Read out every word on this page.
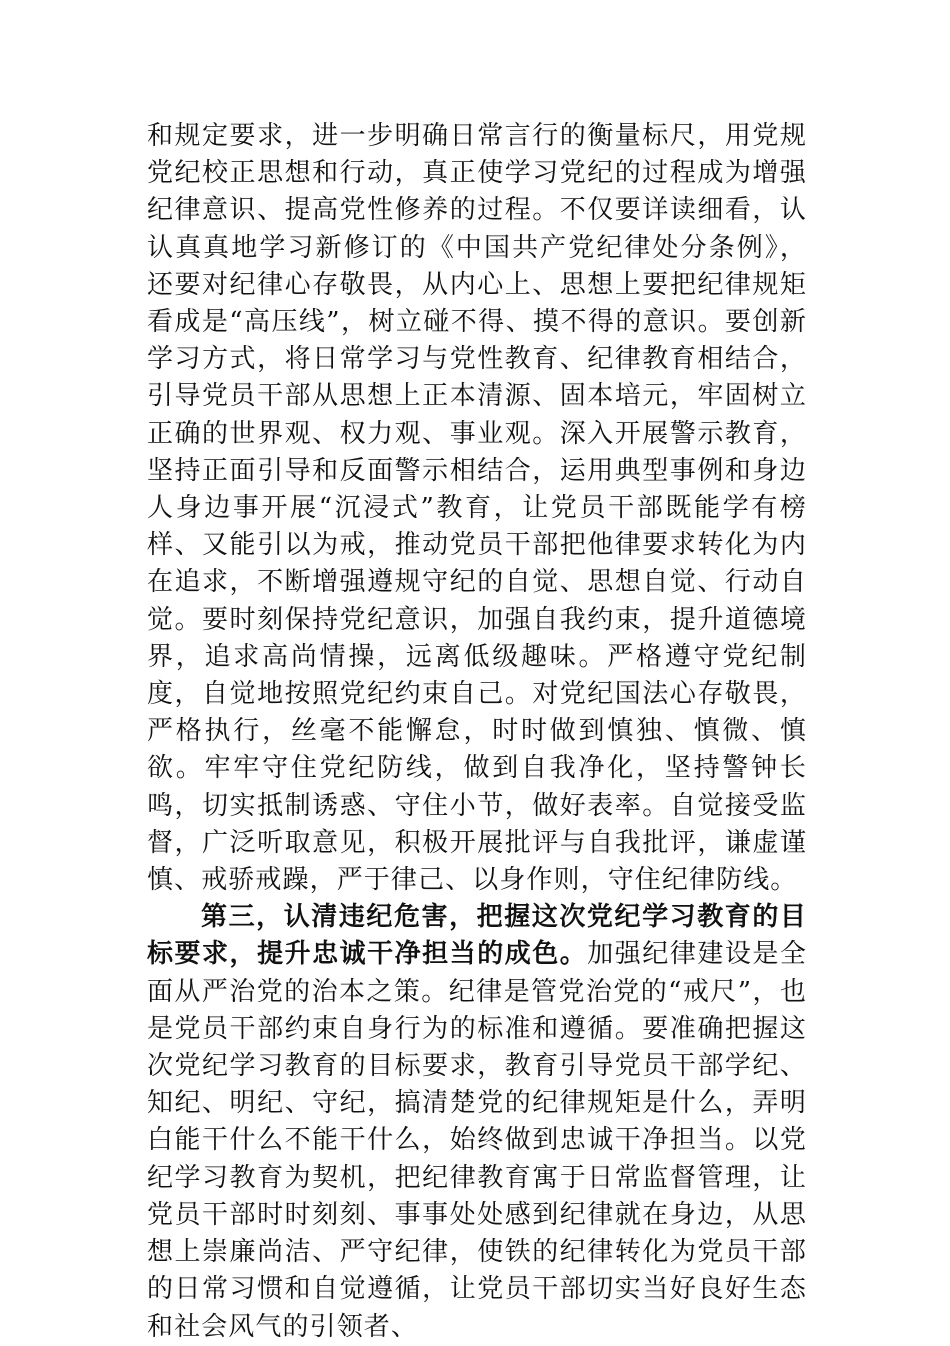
和规定要求，进一步明确日常言行的衡量标尺，用党规党纪校正思想和行动，真正使学习党纪的过程成为增强纪律意识、提高党性修养的过程。不仅要详读细看，认认真真地学习新修订的《中国共产党纪律处分条例》，还要对纪律心存敬畏，从内心上、思想上要把纪律规矩看成是“高压线”，树立碰不得、摸不得的意识。要创新学习方式，将日常学习与党性教育、纪律教育相结合，引导党员干部从思想上正本清源、固本培元，牢固树立正确的世界观、权力观、事业观。深入开展警示教育，坚持正面引导和反面警示相结合，运用典型事例和身边人身边事开展“沉浸式”教育，让党员干部既能学有榜样、又能引以为戒，推动党员干部把他律要求转化为内在追求，不断增强遵规守纪的自觉、思想自觉、行动自觉。要时刻保持党纪意识，加强自我约束，提升道德境界，追求高尚情操，远离低级趣味。严格遵守党纪制度，自觉地按照党纪约束自己。对党纪国法心存敬畏，严格执行，丝毫不能懈怠，时时做到慎独、慎微、慎欲。牢牢守住党纪防线，做到自我净化，坚持警钟长鸣，切实抵制诱惑、守住小节，做好表率。自觉接受监督，广泛听取意见，积极开展批评与自我批评，谦虚谨慎、戒骄戒躁，严于律己、以身作则，守住纪律防线。

第三，认清违纪危害，把握这次党纪学习教育的目标要求，提升忠诚干净担当的成色。加强纪律建设是全面从严治党的治本之策。纪律是管党治党的“戒尺”，也是党员干部约束自身行为的标准和遵循。要准确把握这次党纪学习教育的目标要求，教育引导党员干部学纪、知纪、明纪、守纪，搞清楚党的纪律规矩是什么，弄明白能干什么不能干什么，始终做到忠诚干净担当。以党纪学习教育为契机，把纪律教育寓于日常监督管理，让党员干部时时刻刻、事事处处感到纪律就在身边，从思想上崇廉尚洁、严守纪律，使铁的纪律转化为党员干部的日常习惯和自觉遵循，让党员干部切实当好良好生态和社会风气的引领者、
